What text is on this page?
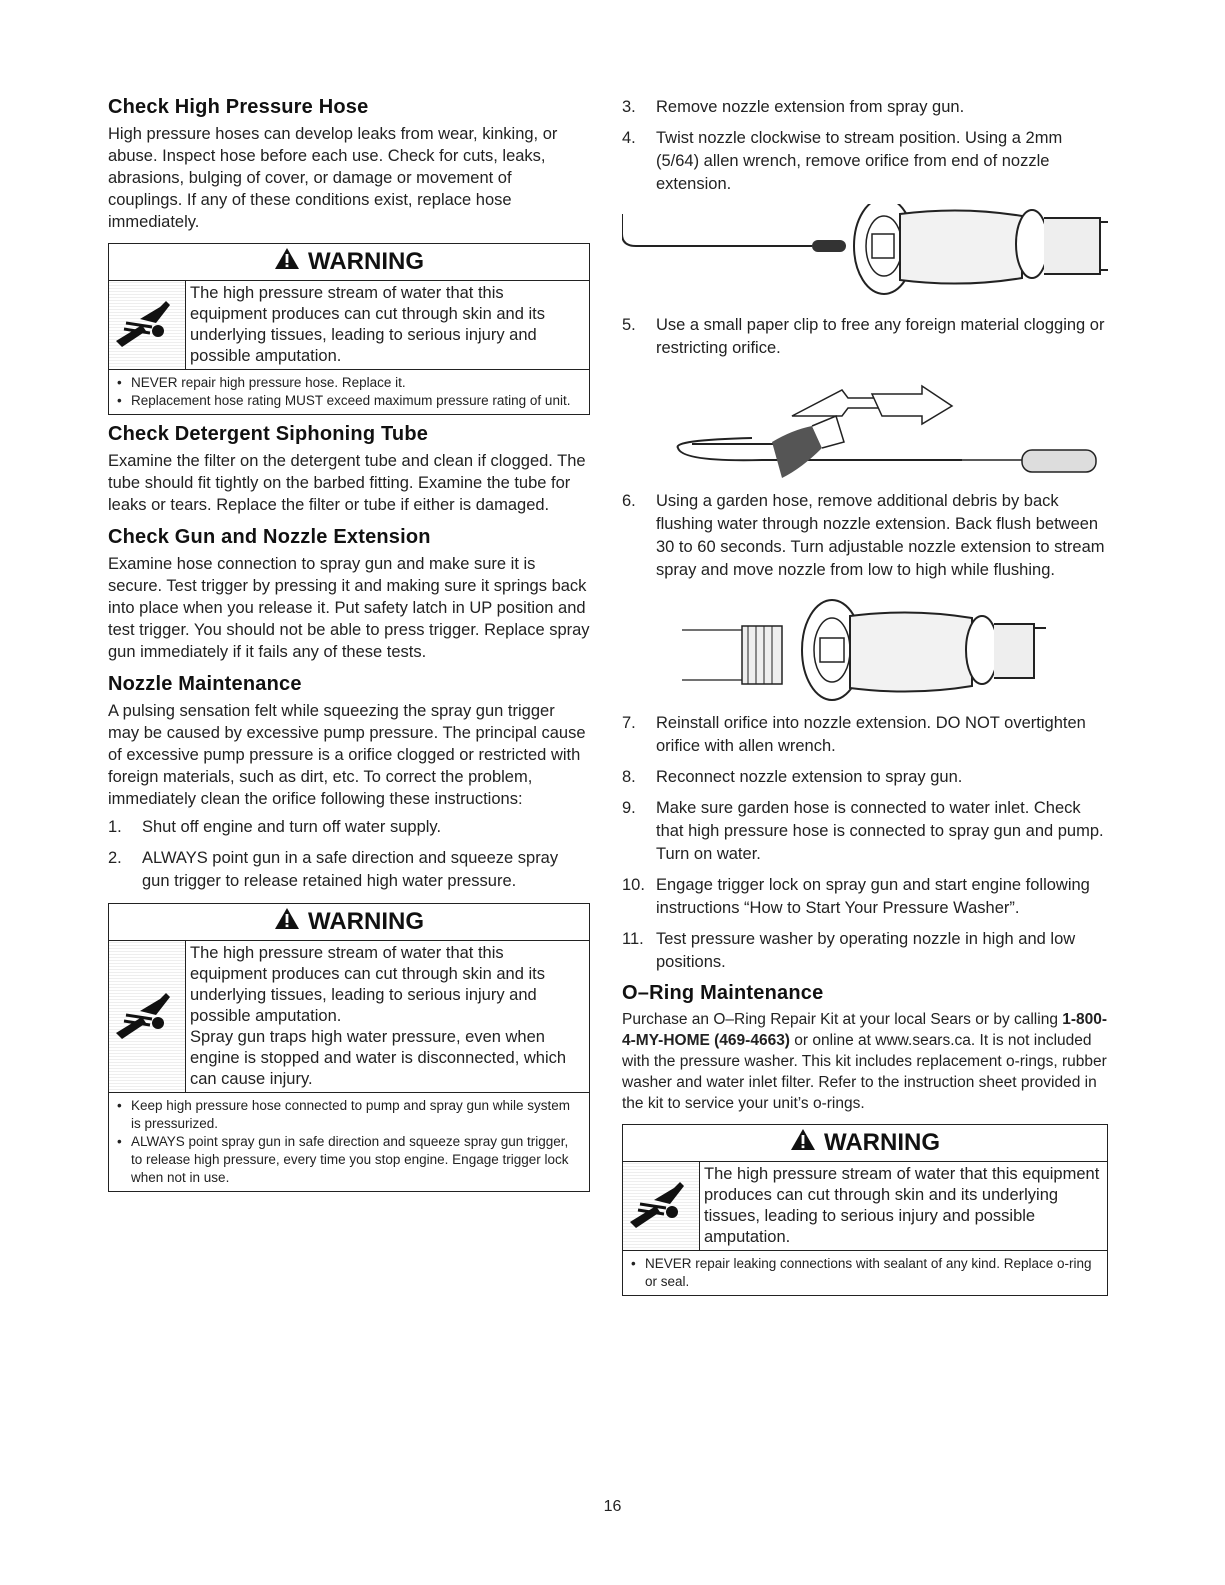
Check High Pressure Hose

High pressure hoses can develop leaks from wear, kinking, or abuse. Inspect hose before each use. Check for cuts, leaks, abrasions, bulging of cover, or damage or movement of couplings. If any of these conditions exist, replace hose immediately.

WARNING

The high pressure stream of water that this equipment produces can cut through skin and its underlying tissues, leading to serious injury and possible amputation.

• NEVER repair high pressure hose. Replace it.
• Replacement hose rating MUST exceed maximum pressure rating of unit.
Check Detergent Siphoning Tube

Examine the filter on the detergent tube and clean if clogged. The tube should fit tightly on the barbed fitting. Examine the tube for leaks or tears. Replace the filter or tube if either is damaged.

Check Gun and Nozzle Extension

Examine hose connection to spray gun and make sure it is secure. Test trigger by pressing it and making sure it springs back into place when you release it. Put safety latch in UP position and test trigger. You should not be able to press trigger. Replace spray gun immediately if it fails any of these tests.

Nozzle Maintenance

A pulsing sensation felt while squeezing the spray gun trigger may be caused by excessive pump pressure. The principal cause of excessive pump pressure is a orifice clogged or restricted with foreign materials, such as dirt, etc. To correct the problem, immediately clean the orifice following these instructions:

1. Shut off engine and turn off water supply.
2. ALWAYS point gun in a safe direction and squeeze spray gun trigger to release retained high water pressure.
WARNING

The high pressure stream of water that this equipment produces can cut through skin and its underlying tissues, leading to serious injury and possible amputation.

Spray gun traps high water pressure, even when engine is stopped and water is disconnected, which can cause injury.

• Keep high pressure hose connected to pump and spray gun while system is pressurized.
• ALWAYS point spray gun in safe direction and squeeze spray gun trigger, to release high pressure, every time you stop engine. Engage trigger lock when not in use.
3. Remove nozzle extension from spray gun.
4. Twist nozzle clockwise to stream position. Using a 2mm (5/64) allen wrench, remove orifice from end of nozzle extension.
5. Use a small paper clip to free any foreign material clogging or restricting orifice.
6. Using a garden hose, remove additional debris by back flushing water through nozzle extension. Back flush between 30 to 60 seconds. Turn adjustable nozzle extension to stream spray and move nozzle from low to high while flushing.
7. Reinstall orifice into nozzle extension. DO NOT overtighten orifice with allen wrench.
8. Reconnect nozzle extension to spray gun.
9. Make sure garden hose is connected to water inlet. Check that high pressure hose is connected to spray gun and pump. Turn on water.
10. Engage trigger lock on spray gun and start engine following instructions “How to Start Your Pressure Washer”.
11. Test pressure washer by operating nozzle in high and low positions.
O–Ring Maintenance

Purchase an O–Ring Repair Kit at your local Sears or by calling 1-800-4-MY-HOME (469-4663) or online at www.sears.ca. It is not included with the pressure washer. This kit includes replacement o-rings, rubber washer and water inlet filter. Refer to the instruction sheet provided in the kit to service your unit’s o-rings.

WARNING

The high pressure stream of water that this equipment produces can cut through skin and its underlying tissues, leading to serious injury and possible amputation.

• NEVER repair leaking connections with sealant of any kind. Replace o-ring or seal.
16
